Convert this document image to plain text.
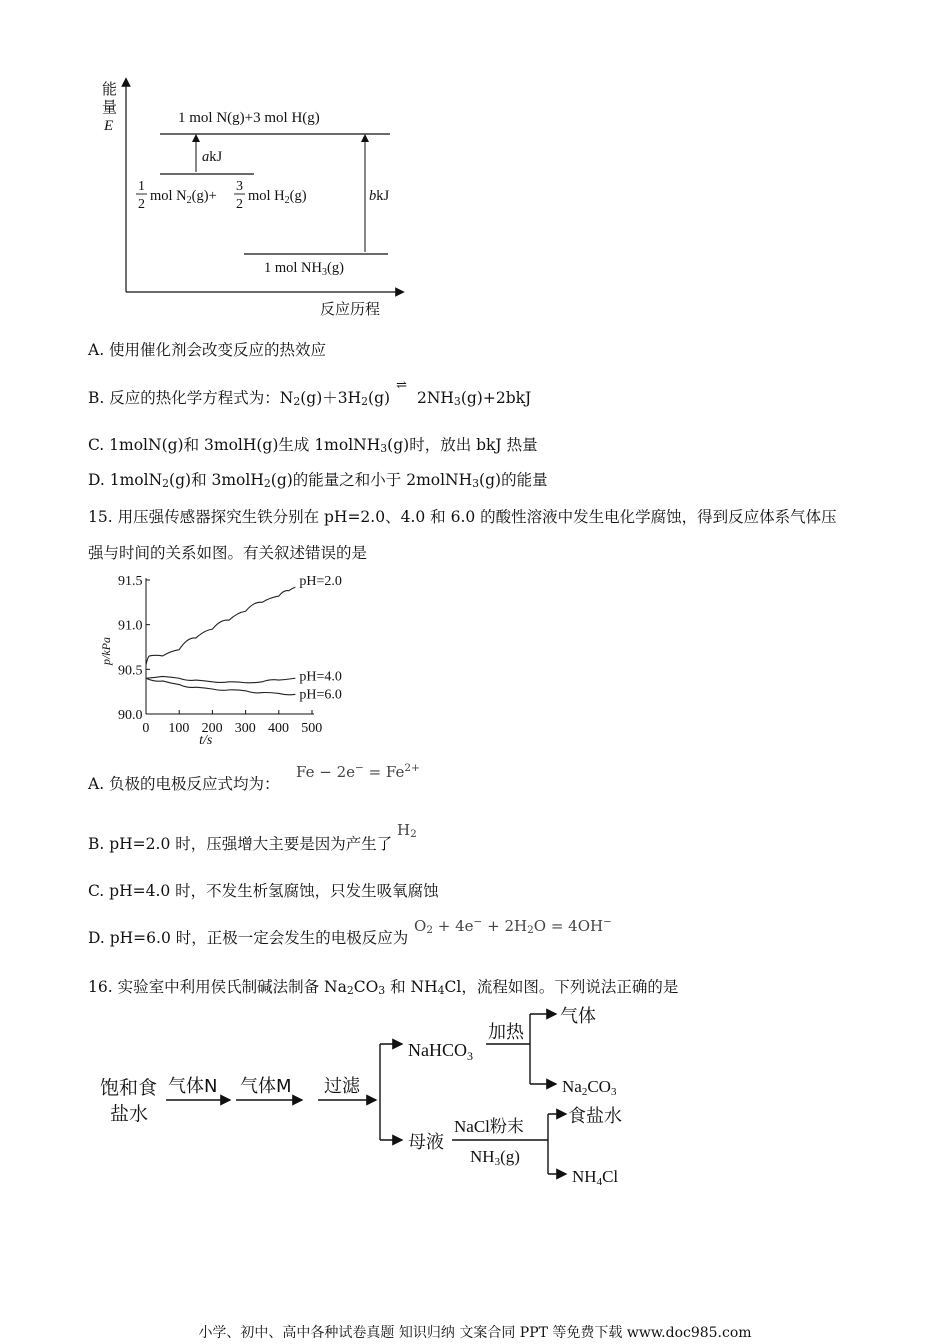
能
量
E	1 mol N(g)+3 mol H(g)
1
2
mol $N_2(g)+$
3
2
mol $H_2(g)$
akJ
1 mol $NH_3(g)$
bkJ
反应历程
A. 使用催化剂会改变反应的热效应
B. 反应的热化学方程式为：$N_2(g)+3H_2(g)^\rightleftharpoons 2NH_3(g)+2bkJ$
C. 1molN(g)和 3molH(g)生成 1molNH$_3$(g)时，放出 bkJ 热量
D. 1molN$_2$(g)和 3molH$_2$(g)的能量之和小于 2molNH$_3$(g)的能量
15. 用压强传感器探究生铁分别在 pH=2.0、4.0 和 6.0 的酸性溶液中发生电化学腐蚀，得到反应体系气体压
强与时间的关系如图。有关叙述错误的是
90.0
90.5
91.0
91.5
0 100 200 300 400 500
p/kPa
t/s
pH=2.0
pH=4.0
pH=6.0
A. 负极的电极反应式均为：
$Fe - 2e^- = Fe^{2+}$
B. pH=2.0 时，压强增大主要是因为产生了
$H_2$
C. pH=4.0 时，不发生析氢腐蚀，只发生吸氧腐蚀
D. pH=6.0 时，正极一定会发生的电极反应为
$O_2 + 4e^- + 2H_2O = 4OH^-$
16. 实验室中利用侯氏制碱法制备 $Na_2CO_3$ 和 $NH_4Cl$，流程如图。下列说法正确的是
饱和食
盐水
气体N 气体M 过滤
NaHCO$_3$
加热
气体
Na2CO3
母液
NaCl粉末
NH3(g)
食盐水
NH4Cl
小学、初中、高中各种试卷真题 知识归纳 文案合同 PPT 等免费下载 www.doc985.com
